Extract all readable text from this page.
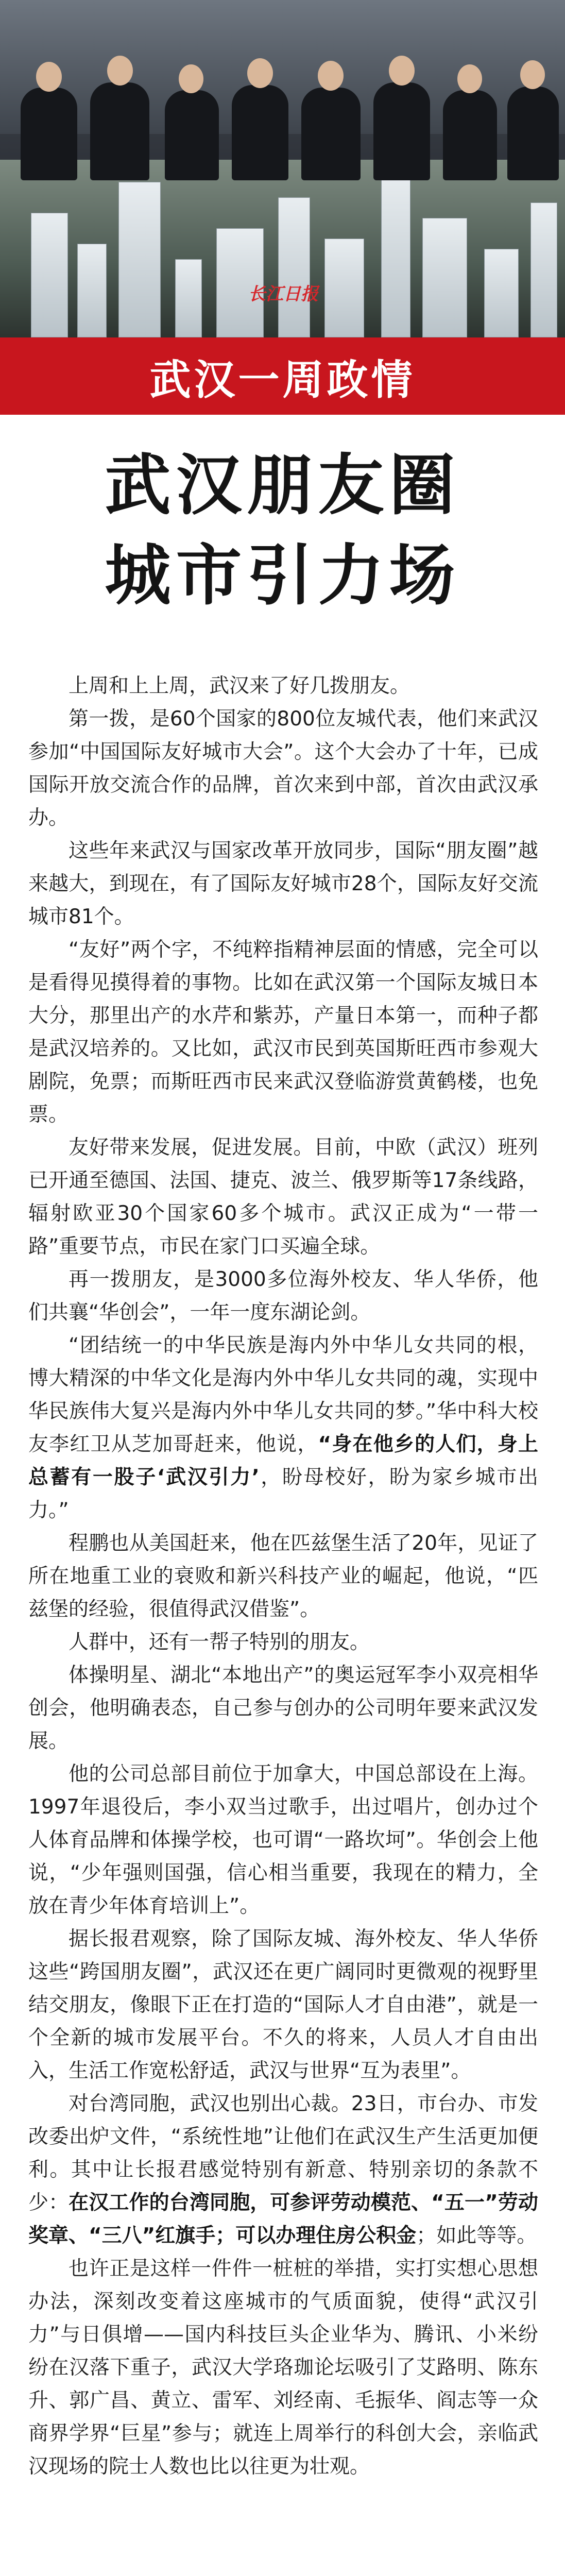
长江日报
武汉一周政情
武汉朋友圈
城市引力场

上周和上上周，武汉来了好几拨朋友。

第一拨，是60个国家的800位友城代表，他们来武汉参加“中国国际友好城市大会”。这个大会办了十年，已成国际开放交流合作的品牌，首次来到中部，首次由武汉承办。

这些年来武汉与国家改革开放同步，国际“朋友圈”越来越大，到现在，有了国际友好城市28个，国际友好交流城市81个。

“友好”两个字，不纯粹指精神层面的情感，完全可以是看得见摸得着的事物。比如在武汉第一个国际友城日本大分，那里出产的水芹和紫苏，产量日本第一，而种子都是武汉培养的。又比如，武汉市民到英国斯旺西市参观大剧院，免票；而斯旺西市民来武汉登临游赏黄鹤楼，也免票。

友好带来发展，促进发展。目前，中欧（武汉）班列已开通至德国、法国、捷克、波兰、俄罗斯等17条线路，辐射欧亚30个国家60多个城市。武汉正成为“一带一路”重要节点，市民在家门口买遍全球。

再一拨朋友，是3000多位海外校友、华人华侨，他们共襄“华创会”，一年一度东湖论剑。

“团结统一的中华民族是海内外中华儿女共同的根，博大精深的中华文化是海内外中华儿女共同的魂，实现中华民族伟大复兴是海内外中华儿女共同的梦。”华中科大校友李红卫从芝加哥赶来，他说，“身在他乡的人们，身上总蓄有一股子‘武汉引力’，盼母校好，盼为家乡城市出力。”

程鹏也从美国赶来，他在匹兹堡生活了20年，见证了所在地重工业的衰败和新兴科技产业的崛起，他说，“匹兹堡的经验，很值得武汉借鉴”。

人群中，还有一帮子特别的朋友。

体操明星、湖北“本地出产”的奥运冠军李小双亮相华创会，他明确表态，自己参与创办的公司明年要来武汉发展。

他的公司总部目前位于加拿大，中国总部设在上海。1997年退役后，李小双当过歌手，出过唱片，创办过个人体育品牌和体操学校，也可谓“一路坎坷”。华创会上他说，“少年强则国强，信心相当重要，我现在的精力，全放在青少年体育培训上”。

据长报君观察，除了国际友城、海外校友、华人华侨这些“跨国朋友圈”，武汉还在更广阔同时更微观的视野里结交朋友，像眼下正在打造的“国际人才自由港”，就是一个全新的城市发展平台。不久的将来，人员人才自由出入，生活工作宽松舒适，武汉与世界“互为表里”。

对台湾同胞，武汉也别出心裁。23日，市台办、市发改委出炉文件，“系统性地”让他们在武汉生产生活更加便利。其中让长报君感觉特别有新意、特别亲切的条款不少：在汉工作的台湾同胞，可参评劳动模范、“五一”劳动奖章、“三八”红旗手；可以办理住房公积金；如此等等。

也许正是这样一件件一桩桩的举措，实打实想心思想办法，深刻改变着这座城市的气质面貌，使得“武汉引力”与日俱增——国内科技巨头企业华为、腾讯、小米纷纷在汉落下重子，武汉大学珞珈论坛吸引了艾路明、陈东升、郭广昌、黄立、雷军、刘经南、毛振华、阎志等一众商界学界“巨星”参与；就连上周举行的科创大会，亲临武汉现场的院士人数也比以往更为壮观。
